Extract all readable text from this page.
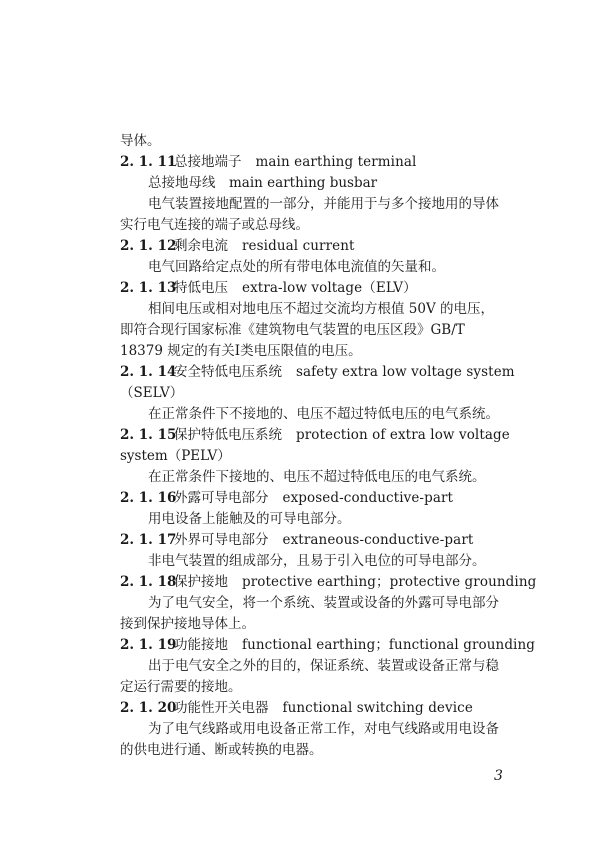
导体。
2. 1. 11总接地端子 main earthing terminal
总接地母线　main earthing busbar
电气装置接地配置的一部分，并能用于与多个接地用的导体
实行电气连接的端子或总母线。
2. 1. 12剩余电流 residual current
电气回路给定点处的所有带电体电流值的矢量和。
2. 1. 13特低电压 extra-low voltage（ELV）
相间电压或相对地电压不超过交流均方根值 50V 的电压，
即符合现行国家标准《建筑物电气装置的电压区段》GB/T
18379 规定的有关Ⅰ类电压限值的电压。
2. 1. 14安全特低电压系统 safety extra low voltage system
（SELV）
在正常条件下不接地的、电压不超过特低电压的电气系统。
2. 1. 15保护特低电压系统 protection of extra low voltage
system（PELV）
在正常条件下接地的、电压不超过特低电压的电气系统。
2. 1. 16外露可导电部分 exposed-conductive-part
用电设备上能触及的可导电部分。
2. 1. 17外界可导电部分 extraneous-conductive-part
非电气装置的组成部分，且易于引入电位的可导电部分。
2. 1. 18保护接地 protective earthing；protective grounding
为了电气安全，将一个系统、装置或设备的外露可导电部分
接到保护接地导体上。
2. 1. 19功能接地 functional earthing；functional grounding
出于电气安全之外的目的，保证系统、装置或设备正常与稳
定运行需要的接地。
2. 1. 20功能性开关电器 functional switching device
为了电气线路或用电设备正常工作，对电气线路或用电设备
的供电进行通、断或转换的电器。
3
